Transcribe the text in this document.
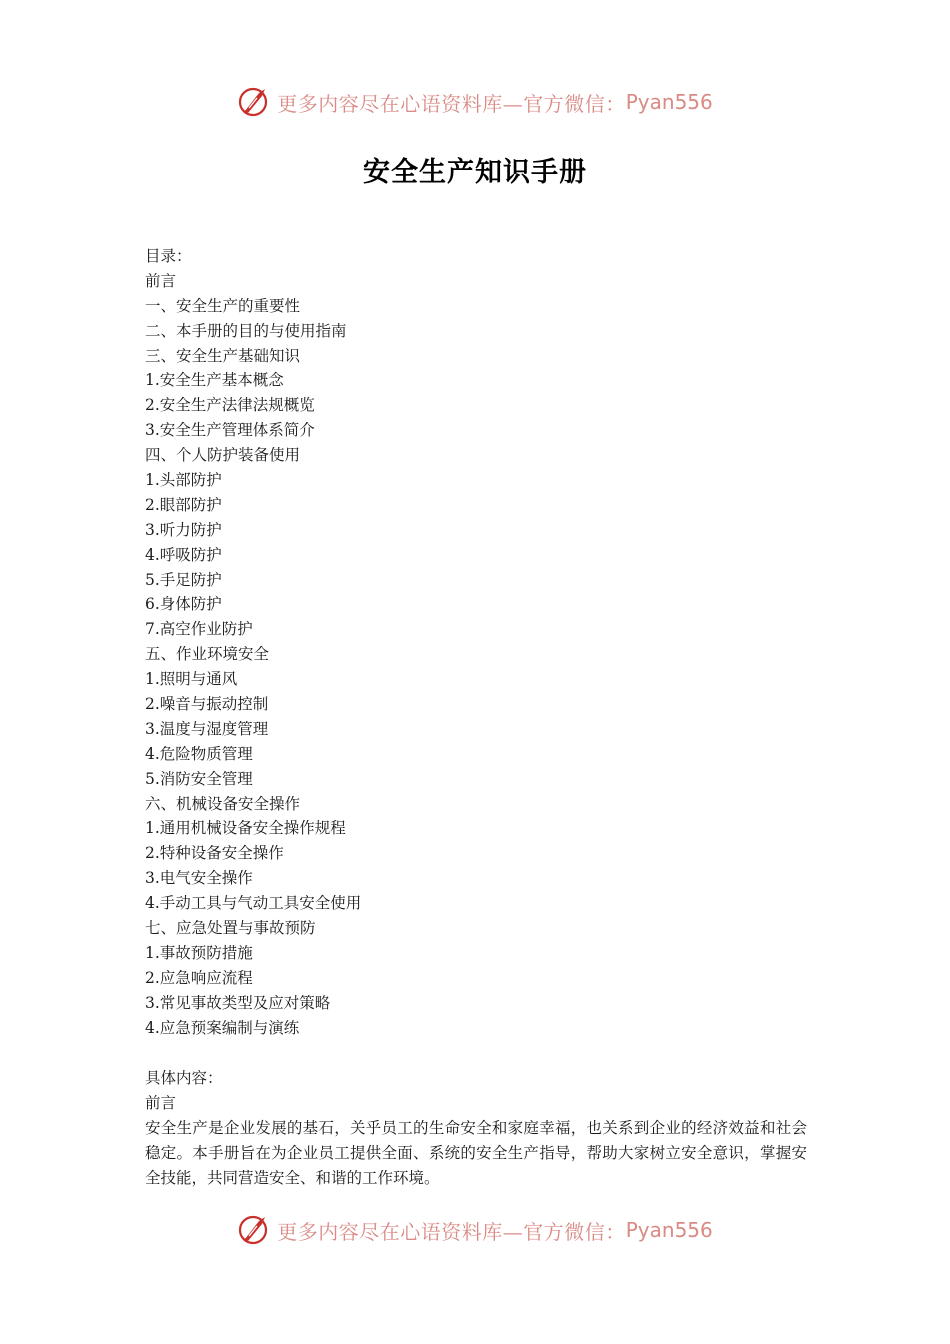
更多内容尽在心语资料库—官方微信： Pyan556
安全生产知识手册
目录：
前言
一、安全生产的重要性
二、本手册的目的与使用指南
三、安全生产基础知识
1.安全生产基本概念
2.安全生产法律法规概览
3.安全生产管理体系简介
四、个人防护装备使用
1.头部防护
2.眼部防护
3.听力防护
4.呼吸防护
5.手足防护
6.身体防护
7.高空作业防护
五、作业环境安全
1.照明与通风
2.噪音与振动控制
3.温度与湿度管理
4.危险物质管理
5.消防安全管理
六、机械设备安全操作
1.通用机械设备安全操作规程
2.特种设备安全操作
3.电气安全操作
4.手动工具与气动工具安全使用
七、应急处置与事故预防
1.事故预防措施
2.应急响应流程
3.常见事故类型及应对策略
4.应急预案编制与演练
具体内容：
前言

安全生产是企业发展的基石，关乎员工的生命安全和家庭幸福，也关系到企业的经济效益和社会稳定。本手册旨在为企业员工提供全面、系统的安全生产指导，帮助大家树立安全意识，掌握安全技能，共同营造安全、和谐的工作环境。

更多内容尽在心语资料库—官方微信： Pyan556
